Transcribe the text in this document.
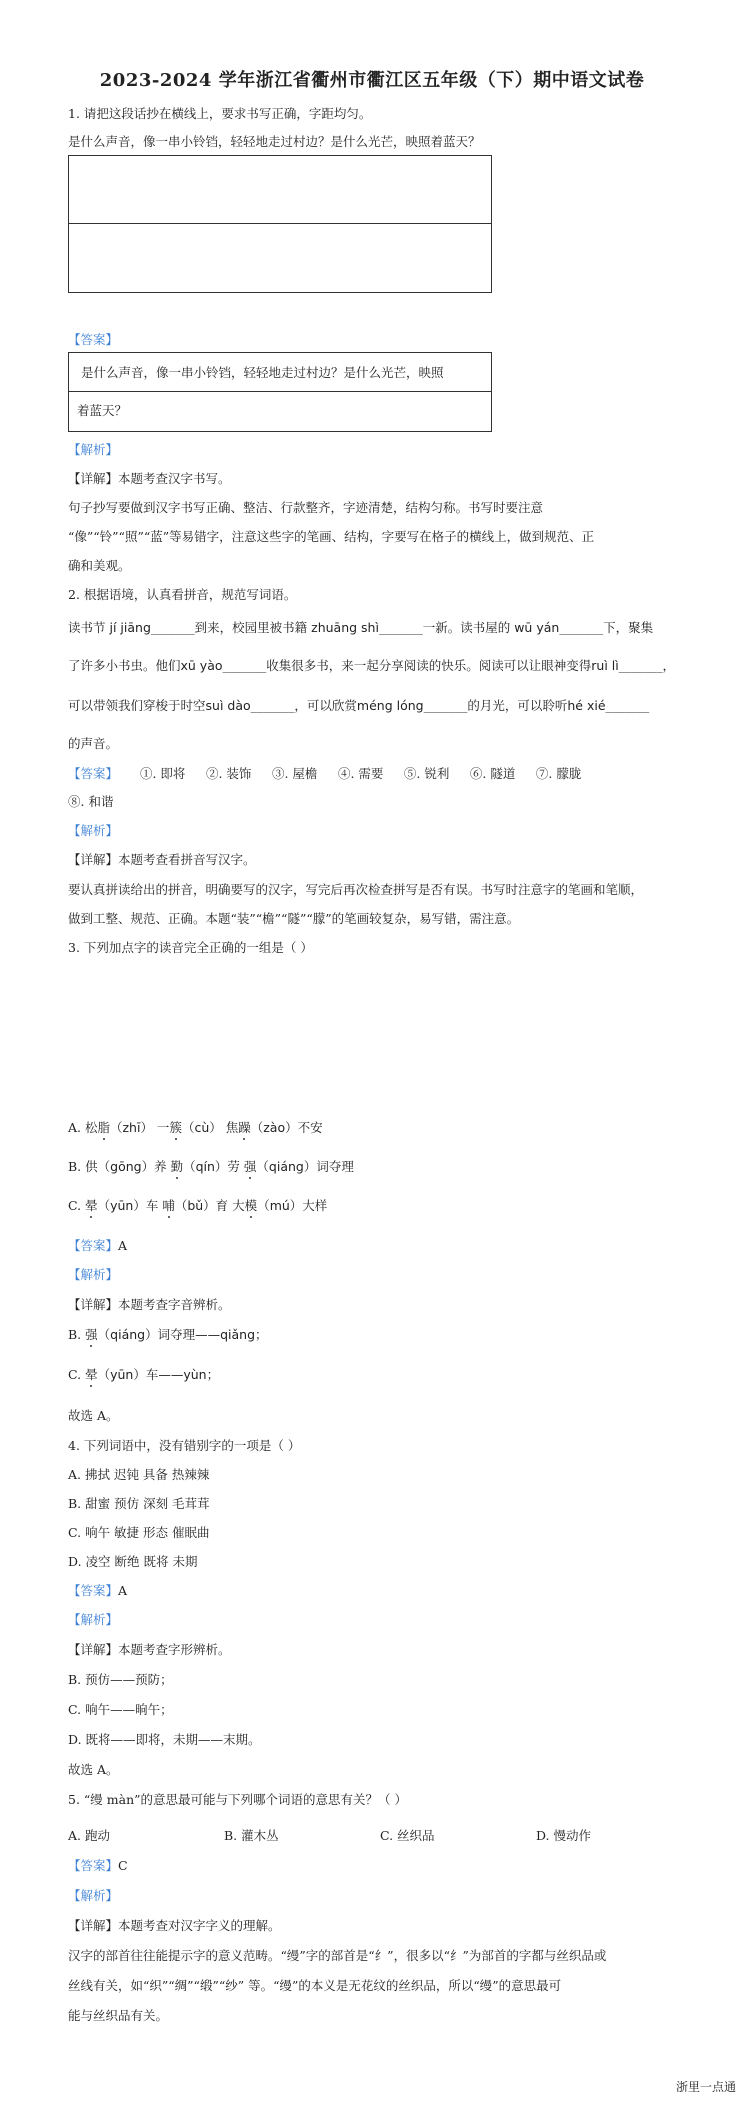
2023-2024 学年浙江省衢州市衢江区五年级（下）期中语文试卷
1. 请把这段话抄在横线上，要求书写正确，字距均匀。
是什么声音，像一串小铃铛，轻轻地走过村边？是什么光芒，映照着蓝天？
【答案】
是什么声音，像一串小铃铛，轻轻地走过村边？是什么光芒，映照
着蓝天？
【解析】
【详解】本题考查汉字书写。
句子抄写要做到汉字书写正确、整洁、行款整齐，字迹清楚，结构匀称。书写时要注意
“像”“铃”“照”“蓝”等易错字，注意这些字的笔画、结构，字要写在格子的横线上，做到规范、正
确和美观。
2. 根据语境，认真看拼音，规范写词语。
读书节 jí jiāng_______到来，校园里被书籍 zhuāng shì_______一新。读书屋的 wū yán_______下，聚集
了许多小书虫。他们xū yào_______收集很多书，来一起分享阅读的快乐。阅读可以让眼神变得ruì lì_______，
可以带领我们穿梭于时空suì dào_______，可以欣赏méng lóng_______的月光，可以聆听hé xié_______
的声音。
【答案】 ①. 即将 ②. 装饰 ③. 屋檐 ④. 需要 ⑤. 锐利 ⑥. 隧道 ⑦. 朦胧
⑧. 和谐
【解析】
【详解】本题考查看拼音写汉字。
要认真拼读给出的拼音，明确要写的汉字，写完后再次检查拼写是否有误。书写时注意字的笔画和笔顺，
做到工整、规范、正确。本题“装”“檐”“隧”“朦”的笔画较复杂，易写错，需注意。
3. 下列加点字的读音完全正确的一组是（ ）
A. 松脂（zhī） 一簇（cù） 焦躁（zào）不安
B. 供（gōng）养 勤（qín）劳 强（qiáng）词夺理
C. 晕（yūn）车 哺（bǔ）育 大模（mú）大样
【答案】A
【解析】
【详解】本题考查字音辨析。
B. 强（qiáng）词夺理——qiǎng；
C. 晕（yūn）车——yùn；
故选 A。
4. 下列词语中，没有错别字的一项是（ ）
A. 拂拭 迟钝 具备 热辣辣
B. 甜蜜 预仿 深刻 毛茸茸
C. 响午 敏捷 形态 催眠曲
D. 凌空 断绝 既将 未期
【答案】A
【解析】
【详解】本题考查字形辨析。
B. 预仿——预防；
C. 响午——晌午；
D. 既将——即将，未期——末期。
故选 A。
5. “缦 màn”的意思最可能与下列哪个词语的意思有关？（ ）
A. 跑动	B. 灌木丛	C. 丝织品	D. 慢动作
【答案】C
【解析】
【详解】本题考查对汉字字义的理解。
汉字的部首往往能提示字的意义范畴。“缦”字的部首是“纟”，很多以“纟”为部首的字都与丝织品或
丝线有关，如“织”“绸”“缎”“纱” 等。“缦”的本义是无花纹的丝织品，所以“缦”的意思最可
能与丝织品有关。
浙里一点通
